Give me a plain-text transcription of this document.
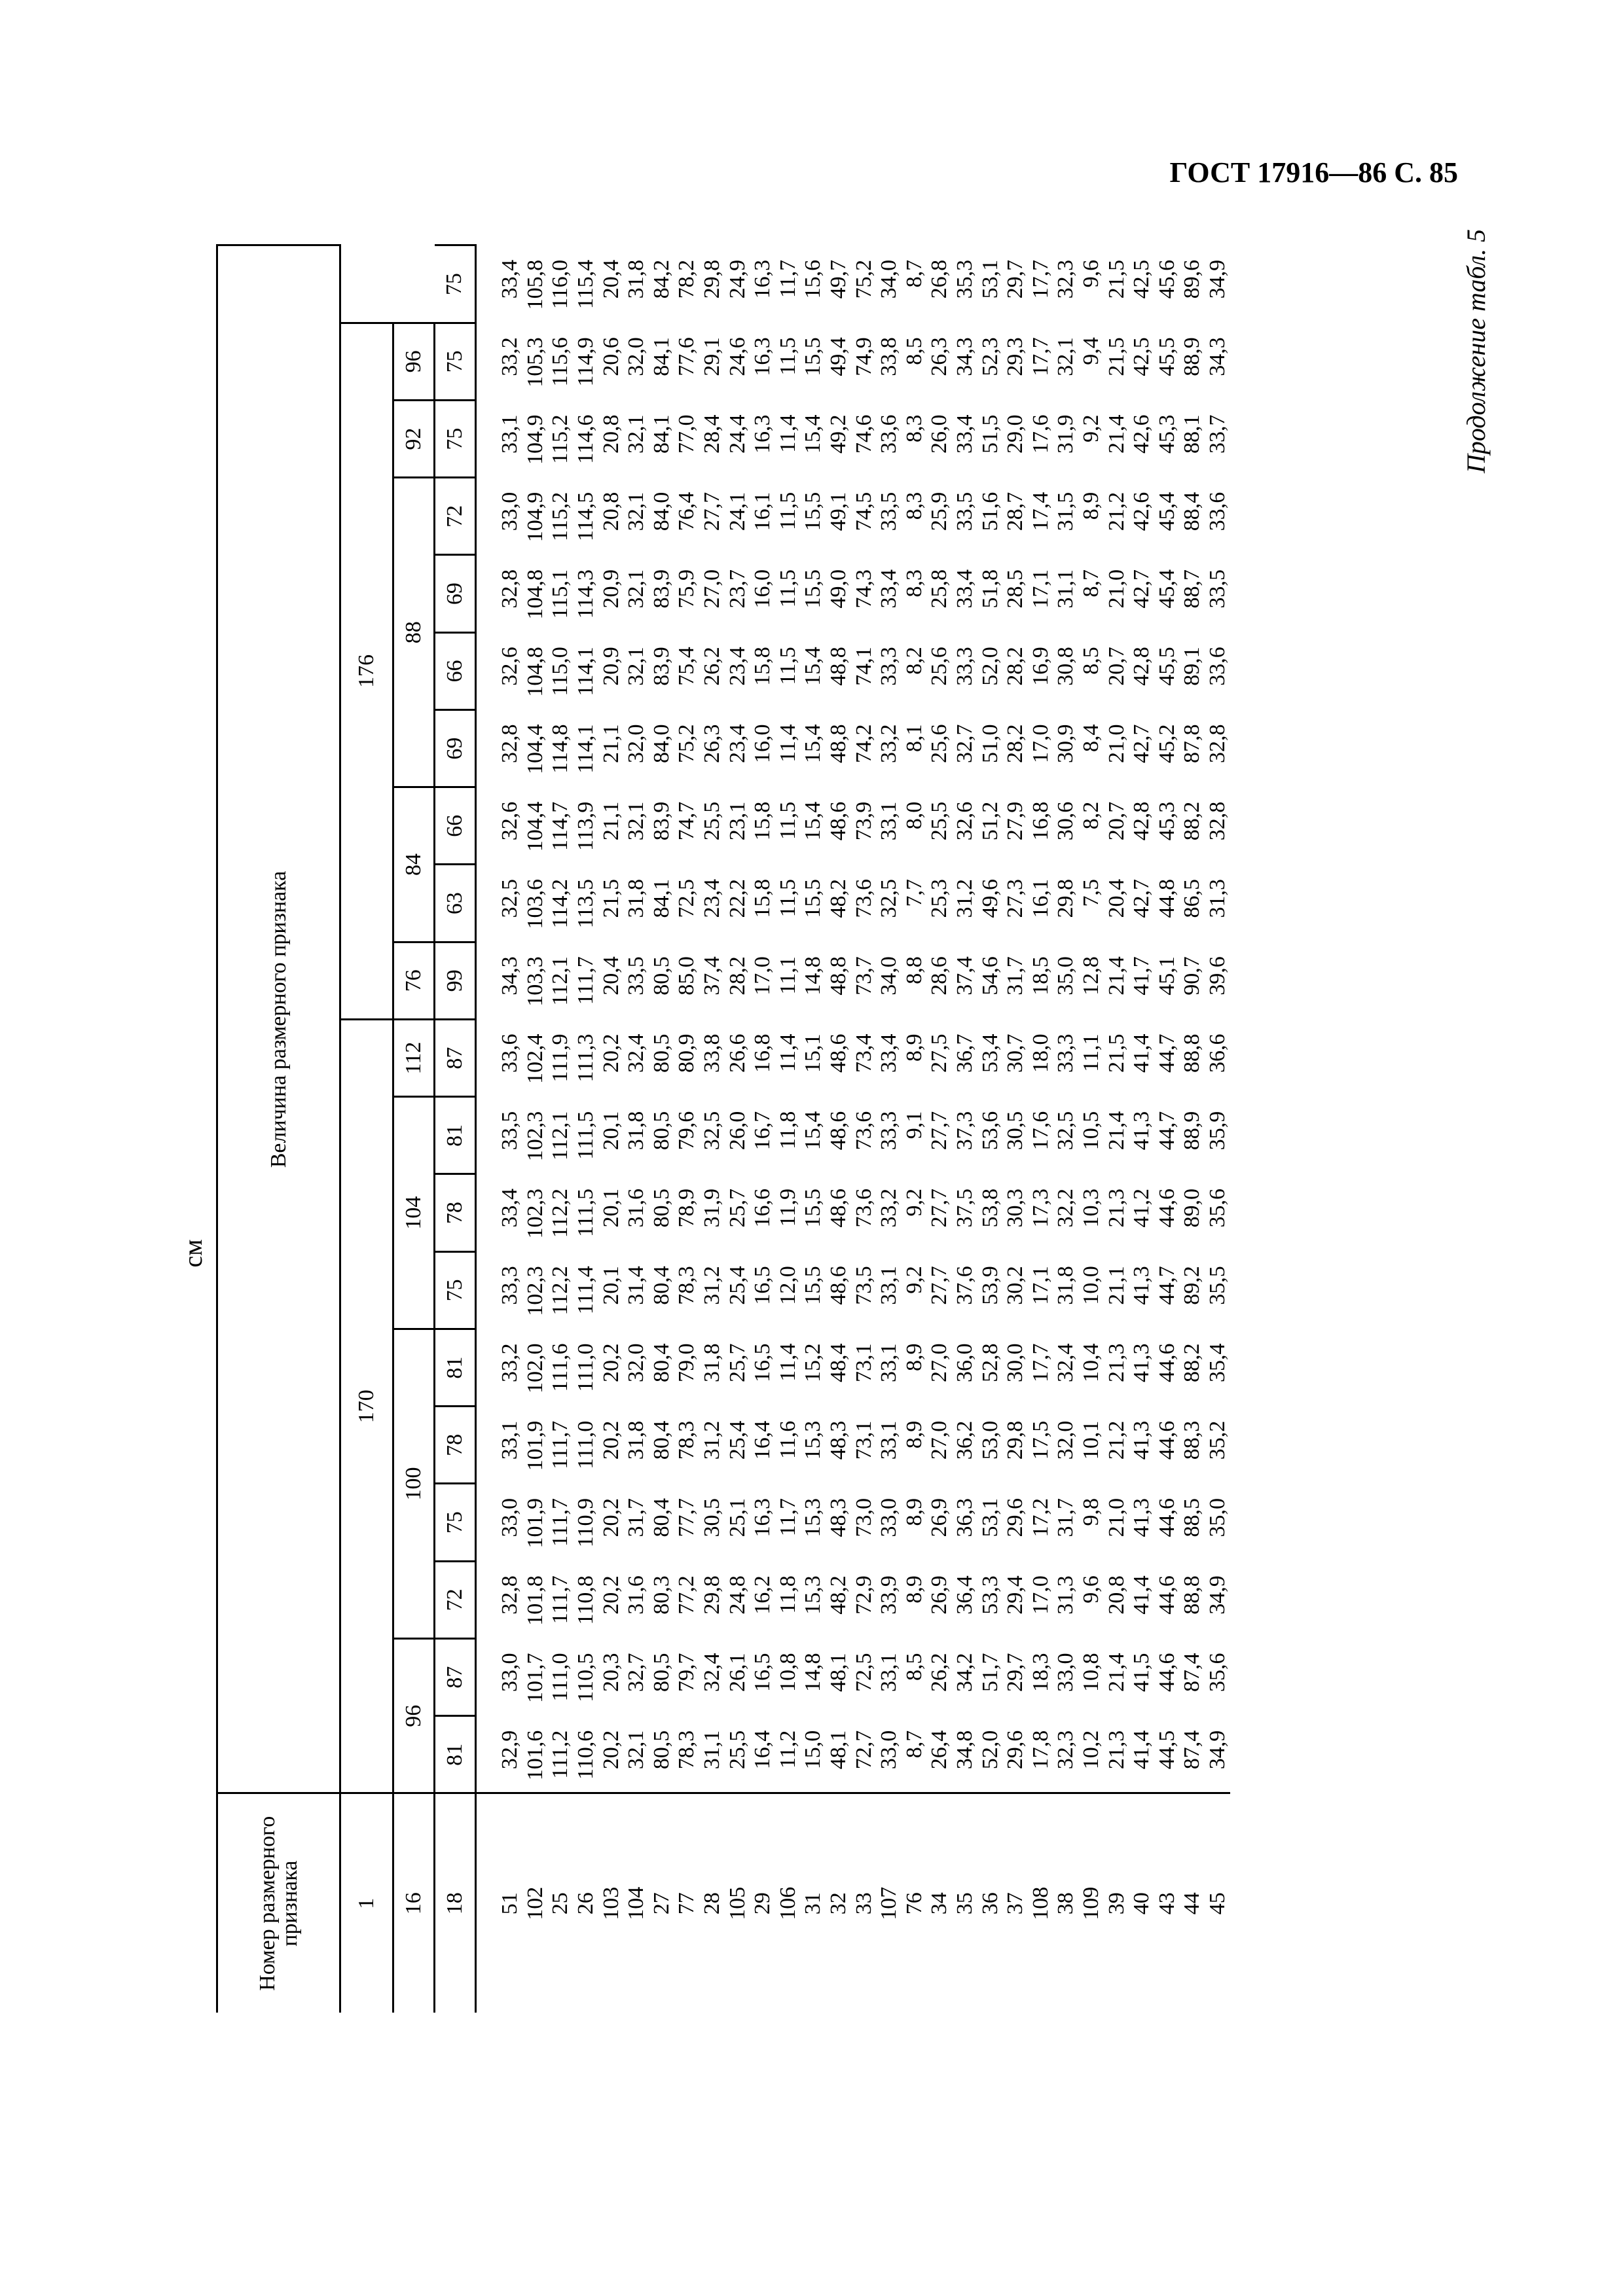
ГОСТ 17916—86 С. 85
Продолжение табл. 5
см
Номер размерного признака	Величина размерного признака																			
1	170										176									
16	96		100				104			112	76	84		88				92	96	
18	81	87	72	75	78	81	75	78	81	87	99	63	66	69	66	69	72	75	75	75

51	32,9	33,0	32,8	33,0	33,1	33,2	33,3	33,4	33,5	33,6	34,3	32,5	32,6	32,8	32,6	32,8	33,0	33,1	33,2	33,4
102	101,6	101,7	101,8	101,9	101,9	102,0	102,3	102,3	102,3	102,4	103,3	103,6	104,4	104,4	104,8	104,8	104,9	104,9	105,3	105,8
25	111,2	111,0	111,7	111,7	111,7	111,6	112,2	112,2	112,1	111,9	112,1	114,2	114,7	114,8	115,0	115,1	115,2	115,2	115,6	116,0
26	110,6	110,5	110,8	110,9	111,0	111,0	111,4	111,5	111,5	111,3	111,7	113,5	113,9	114,1	114,1	114,3	114,5	114,6	114,9	115,4
103	20,2	20,3	20,2	20,2	20,2	20,2	20,1	20,1	20,1	20,2	20,4	21,5	21,1	21,1	20,9	20,9	20,8	20,8	20,6	20,4
104	32,1	32,7	31,6	31,7	31,8	32,0	31,4	31,6	31,8	32,4	33,5	31,8	32,1	32,0	32,1	32,1	32,1	32,1	32,0	31,8
27	80,5	80,5	80,3	80,4	80,4	80,4	80,4	80,5	80,5	80,5	80,5	84,1	83,9	84,0	83,9	83,9	84,0	84,1	84,1	84,2
77	78,3	79,7	77,2	77,7	78,3	79,0	78,3	78,9	79,6	80,9	85,0	72,5	74,7	75,2	75,4	75,9	76,4	77,0	77,6	78,2
28	31,1	32,4	29,8	30,5	31,2	31,8	31,2	31,9	32,5	33,8	37,4	23,4	25,5	26,3	26,2	27,0	27,7	28,4	29,1	29,8
105	25,5	26,1	24,8	25,1	25,4	25,7	25,4	25,7	26,0	26,6	28,2	22,2	23,1	23,4	23,4	23,7	24,1	24,4	24,6	24,9
29	16,4	16,5	16,2	16,3	16,4	16,5	16,5	16,6	16,7	16,8	17,0	15,8	15,8	16,0	15,8	16,0	16,1	16,3	16,3	16,3
106	11,2	10,8	11,8	11,7	11,6	11,4	12,0	11,9	11,8	11,4	11,1	11,5	11,5	11,4	11,5	11,5	11,5	11,4	11,5	11,7
31	15,0	14,8	15,3	15,3	15,3	15,2	15,5	15,5	15,4	15,1	14,8	15,5	15,4	15,4	15,4	15,5	15,5	15,4	15,5	15,6
32	48,1	48,1	48,2	48,3	48,3	48,4	48,6	48,6	48,6	48,6	48,8	48,2	48,6	48,8	48,8	49,0	49,1	49,2	49,4	49,7
33	72,7	72,5	72,9	73,0	73,1	73,1	73,5	73,6	73,6	73,4	73,7	73,6	73,9	74,2	74,1	74,3	74,5	74,6	74,9	75,2
107	33,0	33,1	33,9	33,0	33,1	33,1	33,1	33,2	33,3	33,4	34,0	32,5	33,1	33,2	33,3	33,4	33,5	33,6	33,8	34,0
76	8,7	8,5	8,9	8,9	8,9	8,9	9,2	9,2	9,1	8,9	8,8	7,7	8,0	8,1	8,2	8,3	8,3	8,3	8,5	8,7
34	26,4	26,2	26,9	26,9	27,0	27,0	27,7	27,7	27,7	27,5	28,6	25,3	25,5	25,6	25,6	25,8	25,9	26,0	26,3	26,8
35	34,8	34,2	36,4	36,3	36,2	36,0	37,6	37,5	37,3	36,7	37,4	31,2	32,6	32,7	33,3	33,4	33,5	33,4	34,3	35,3
36	52,0	51,7	53,3	53,1	53,0	52,8	53,9	53,8	53,6	53,4	54,6	49,6	51,2	51,0	52,0	51,8	51,6	51,5	52,3	53,1
37	29,6	29,7	29,4	29,6	29,8	30,0	30,2	30,3	30,5	30,7	31,7	27,3	27,9	28,2	28,2	28,5	28,7	29,0	29,3	29,7
108	17,8	18,3	17,0	17,2	17,5	17,7	17,1	17,3	17,6	18,0	18,5	16,1	16,8	17,0	16,9	17,1	17,4	17,6	17,7	17,7
38	32,3	33,0	31,3	31,7	32,0	32,4	31,8	32,2	32,5	33,3	35,0	29,8	30,6	30,9	30,8	31,1	31,5	31,9	32,1	32,3
109	10,2	10,8	9,6	9,8	10,1	10,4	10,0	10,3	10,5	11,1	12,8	7,5	8,2	8,4	8,5	8,7	8,9	9,2	9,4	9,6
39	21,3	21,4	20,8	21,0	21,2	21,3	21,1	21,3	21,4	21,5	21,4	20,4	20,7	21,0	20,7	21,0	21,2	21,4	21,5	21,5
40	41,4	41,5	41,4	41,3	41,3	41,3	41,3	41,2	41,3	41,4	41,7	42,7	42,8	42,7	42,8	42,7	42,6	42,6	42,5	42,5
43	44,5	44,6	44,6	44,6	44,6	44,6	44,7	44,6	44,7	44,7	45,1	44,8	45,3	45,2	45,5	45,4	45,4	45,3	45,5	45,6
44	87,4	87,4	88,8	88,5	88,3	88,2	89,2	89,0	88,9	88,8	90,7	86,5	88,2	87,8	89,1	88,7	88,4	88,1	88,9	89,6
45	34,9	35,6	34,9	35,0	35,2	35,4	35,5	35,6	35,9	36,6	39,6	31,3	32,8	32,8	33,6	33,5	33,6	33,7	34,3	34,9
